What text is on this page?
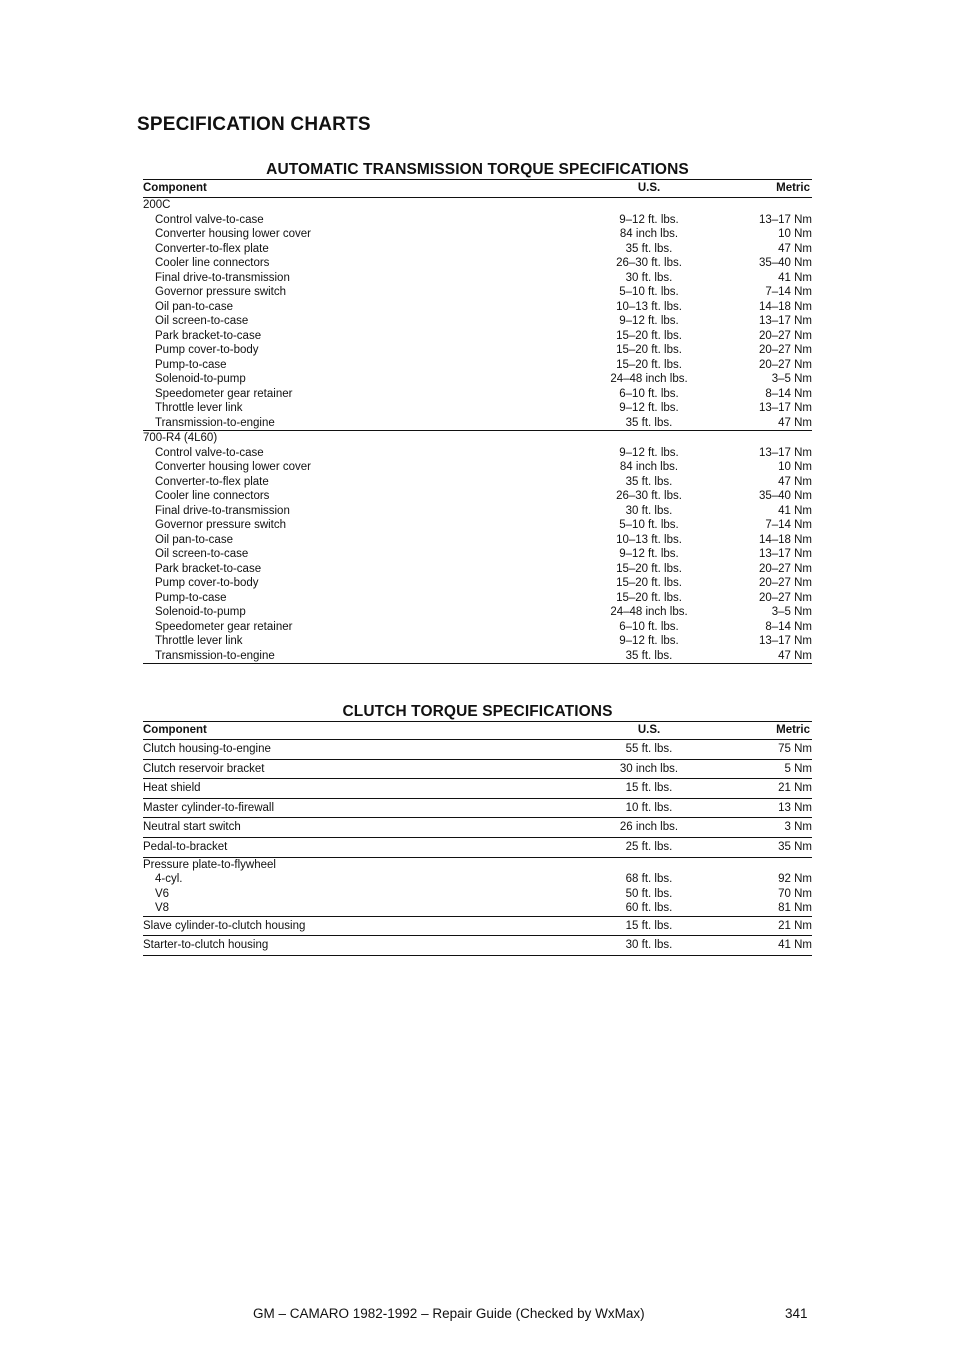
SPECIFICATION CHARTS
AUTOMATIC TRANSMISSION TORQUE SPECIFICATIONS
Component	U.S.	Metric
200C
Control valve-to-case	9–12 ft. lbs.	13–17 Nm
Converter housing lower cover	84 inch lbs.	10 Nm
Converter-to-flex plate	35 ft. lbs.	47 Nm
Cooler line connectors	26–30 ft. lbs.	35–40 Nm
Final drive-to-transmission	30 ft. lbs.	41 Nm
Governor pressure switch	5–10 ft. lbs.	7–14 Nm
Oil pan-to-case	10–13 ft. lbs.	14–18 Nm
Oil screen-to-case	9–12 ft. lbs.	13–17 Nm
Park bracket-to-case	15–20 ft. lbs.	20–27 Nm
Pump cover-to-body	15–20 ft. lbs.	20–27 Nm
Pump-to-case	15–20 ft. lbs.	20–27 Nm
Solenoid-to-pump	24–48 inch lbs.	3–5 Nm
Speedometer gear retainer	6–10 ft. lbs.	8–14 Nm
Throttle lever link	9–12 ft. lbs.	13–17 Nm
Transmission-to-engine	35 ft. lbs.	47 Nm
700-R4 (4L60)
Control valve-to-case	9–12 ft. lbs.	13–17 Nm
Converter housing lower cover	84 inch lbs.	10 Nm
Converter-to-flex plate	35 ft. lbs.	47 Nm
Cooler line connectors	26–30 ft. lbs.	35–40 Nm
Final drive-to-transmission	30 ft. lbs.	41 Nm
Governor pressure switch	5–10 ft. lbs.	7–14 Nm
Oil pan-to-case	10–13 ft. lbs.	14–18 Nm
Oil screen-to-case	9–12 ft. lbs.	13–17 Nm
Park bracket-to-case	15–20 ft. lbs.	20–27 Nm
Pump cover-to-body	15–20 ft. lbs.	20–27 Nm
Pump-to-case	15–20 ft. lbs.	20–27 Nm
Solenoid-to-pump	24–48 inch lbs.	3–5 Nm
Speedometer gear retainer	6–10 ft. lbs.	8–14 Nm
Throttle lever link	9–12 ft. lbs.	13–17 Nm
Transmission-to-engine	35 ft. lbs.	47 Nm
CLUTCH TORQUE SPECIFICATIONS
Component	U.S.	Metric
Clutch housing-to-engine	55 ft. lbs.	75 Nm
Clutch reservoir bracket	30 inch lbs.	5 Nm
Heat shield	15 ft. lbs.	21 Nm
Master cylinder-to-firewall	10 ft. lbs.	13 Nm
Neutral start switch	26 inch lbs.	3 Nm
Pedal-to-bracket	25 ft. lbs.	35 Nm
Pressure plate-to-flywheel
4-cyl.	68 ft. lbs.	92 Nm
V6	50 ft. lbs.	70 Nm
V8	60 ft. lbs.	81 Nm
Slave cylinder-to-clutch housing	15 ft. lbs.	21 Nm
Starter-to-clutch housing	30 ft. lbs.	41 Nm
GM – CAMARO 1982-1992 – Repair Guide (Checked by WxMax)	341
